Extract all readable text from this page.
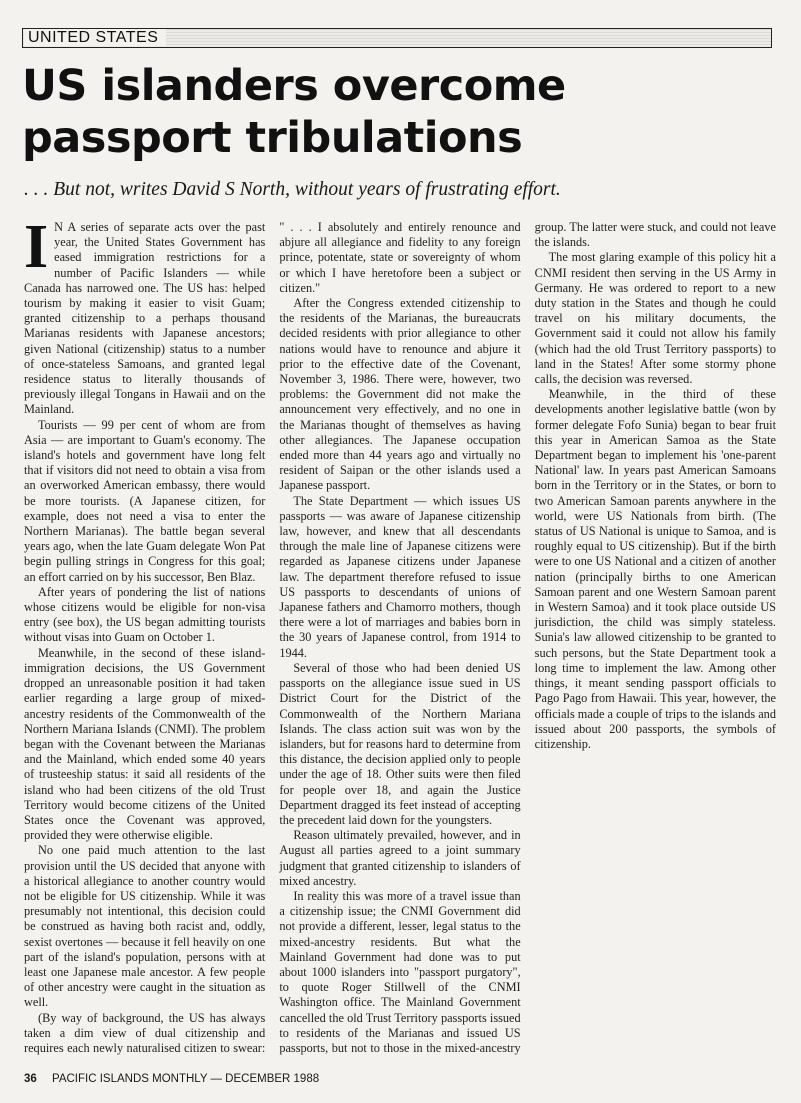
UNITED STATES
US islanders overcome
passport tribulations
. . . But not, writes David S North, without years of frustrating effort.

I N A series of separate acts over the past year, the United States Government has eased immigration restrictions for a number of Pacific Islanders — while Canada has narrowed one. The US has: helped tourism by making it easier to visit Guam; granted citizenship to a perhaps thousand Marianas residents with Japanese ancestors; given National (citizenship) status to a number of once-stateless Samoans, and granted legal residence status to literally thousands of previously illegal Tongans in Hawaii and on the Mainland.

Tourists — 99 per cent of whom are from Asia — are important to Guam's economy. The island's hotels and government have long felt that if visitors did not need to obtain a visa from an overworked American embassy, there would be more tourists. (A Japanese citizen, for example, does not need a visa to enter the Northern Marianas). The battle began several years ago, when the late Guam delegate Won Pat begin pulling strings in Congress for this goal; an effort carried on by his successor, Ben Blaz.

After years of pondering the list of nations whose citizens would be eligible for non-visa entry (see box), the US began admitting tourists without visas into Guam on October 1.

Meanwhile, in the second of these island-immigration decisions, the US Government dropped an unreasonable position it had taken earlier regarding a large group of mixed-ancestry residents of the Commonwealth of the Northern Mariana Islands (CNMI). The problem began with the Covenant between the Marianas and the Mainland, which ended some 40 years of trusteeship status: it said all residents of the island who had been citizens of the old Trust Territory would become citizens of the United States once the Covenant was approved, provided they were otherwise eligible.

No one paid much attention to the last provision until the US decided that anyone with a historical allegiance to another country would not be eligible for US citizenship. While it was presumably not intentional, this decision could be construed as having both racist and, oddly, sexist overtones — because it fell heavily on one part of the island's population, persons with at least one Japanese male ancestor. A few people of other ancestry were caught in the situation as well.

(By way of background, the US has always taken a dim view of dual citizenship and requires each newly naturalised citizen to swear: " . . . I absolutely and entirely renounce and abjure all allegiance and fidelity to any foreign prince, potentate, state or sovereignty of whom or which I have heretofore been a subject or citizen."

After the Congress extended citizenship to the residents of the Marianas, the bureaucrats decided residents with prior allegiance to other nations would have to renounce and abjure it prior to the effective date of the Covenant, November 3, 1986. There were, however, two problems: the Government did not make the announcement very effectively, and no one in the Marianas thought of themselves as having other allegiances. The Japanese occupation ended more than 44 years ago and virtually no resident of Saipan or the other islands used a Japanese passport.

The State Department — which issues US passports — was aware of Japanese citizenship law, however, and knew that all descendants through the male line of Japanese citizens were regarded as Japanese citizens under Japanese law. The department therefore refused to issue US passports to descendants of unions of Japanese fathers and Chamorro mothers, though there were a lot of marriages and babies born in the 30 years of Japanese control, from 1914 to 1944.

Several of those who had been denied US passports on the allegiance issue sued in US District Court for the District of the Commonwealth of the Northern Mariana Islands. The class action suit was won by the islanders, but for reasons hard to determine from this distance, the decision applied only to people under the age of 18. Other suits were then filed for people over 18, and again the Justice Department dragged its feet instead of accepting the precedent laid down for the youngsters.

Reason ultimately prevailed, however, and in August all parties agreed to a joint summary judgment that granted citizenship to islanders of mixed ancestry.

In reality this was more of a travel issue than a citizenship issue; the CNMI Government did not provide a different, lesser, legal status to the mixed-ancestry residents. But what the Mainland Government had done was to put about 1000 islanders into "passport purgatory", to quote Roger Stillwell of the CNMI Washington office. The Mainland Government cancelled the old Trust Territory passports issued to residents of the Marianas and issued US passports, but not to those in the mixed-ancestry group. The latter were stuck, and could not leave the islands.

The most glaring example of this policy hit a CNMI resident then serving in the US Army in Germany. He was ordered to report to a new duty station in the States and though he could travel on his military documents, the Government said it could not allow his family (which had the old Trust Territory passports) to land in the States! After some stormy phone calls, the decision was reversed.

Meanwhile, in the third of these developments another legislative battle (won by former delegate Fofo Sunia) began to bear fruit this year in American Samoa as the State Department began to implement his 'one-parent National' law. In years past American Samoans born in the Territory or in the States, or born to two American Samoan parents anywhere in the world, were US Nationals from birth. (The status of US National is unique to Samoa, and is roughly equal to US citizenship). But if the birth were to one US National and a citizen of another nation (principally births to one American Samoan parent and one Western Samoan parent in Western Samoa) and it took place outside US jurisdiction, the child was simply stateless. Sunia's law allowed citizenship to be granted to such persons, but the State Department took a long time to implement the law. Among other things, it meant sending passport officials to Pago Pago from Hawaii. This year, however, the officials made a couple of trips to the islands and issued about 200 passports, the symbols of citizenship.

36 PACIFIC ISLANDS MONTHLY — DECEMBER 1988
